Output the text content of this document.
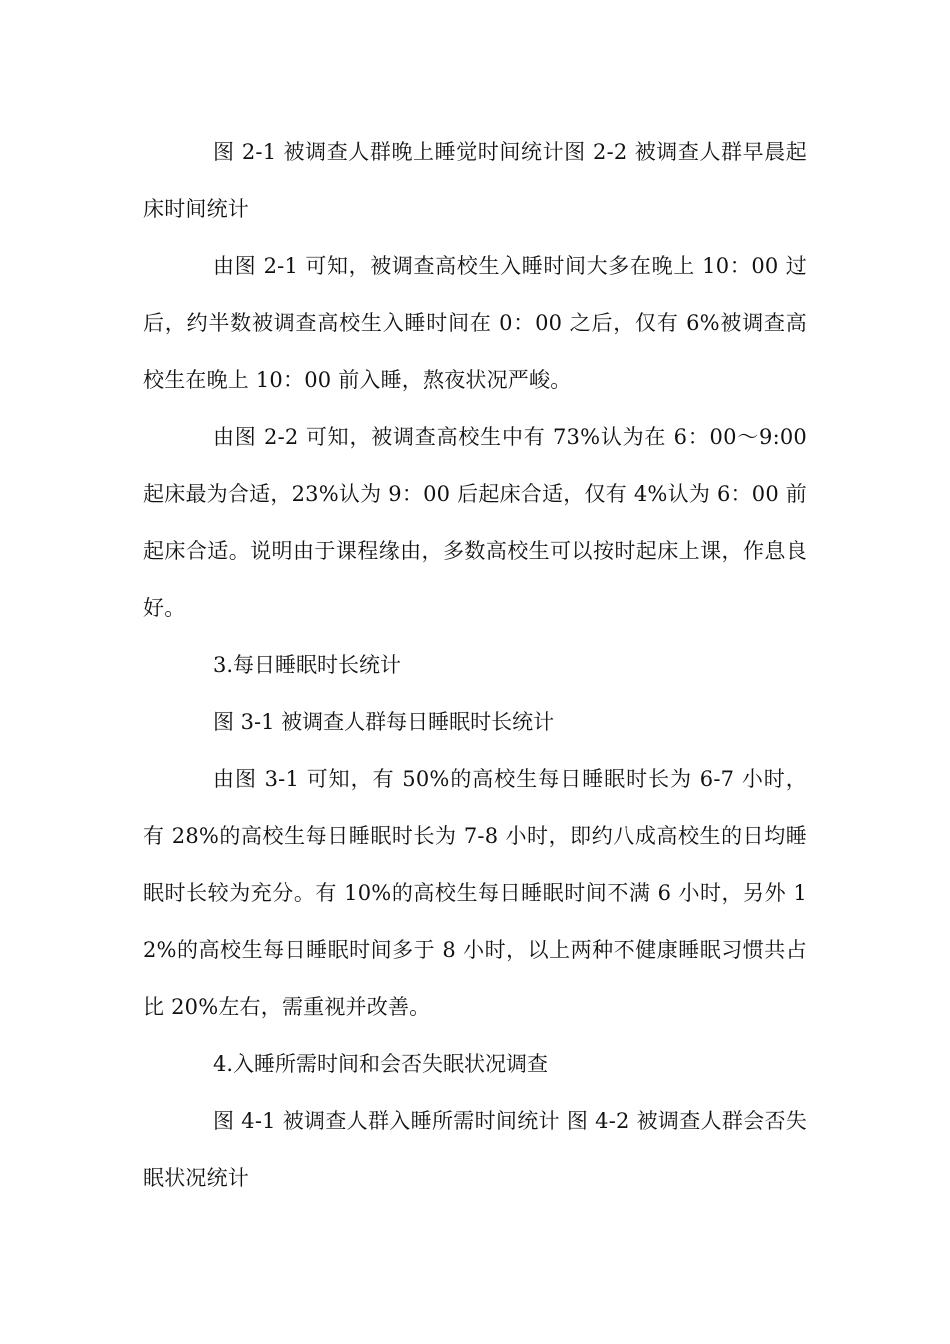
图 2-1 被调查人群晚上睡觉时间统计图 2-2 被调查人群早晨起床时间统计

由图 2-1 可知，被调查高校生入睡时间大多在晚上 10：00 过后，约半数被调查高校生入睡时间在 0：00 之后，仅有 6%被调查高校生在晚上 10：00 前入睡，熬夜状况严峻。

由图 2-2 可知，被调查高校生中有 73%认为在 6：00～9:00 起床最为合适，23%认为 9：00 后起床合适，仅有 4%认为 6：00 前起床合适。说明由于课程缘由，多数高校生可以按时起床上课，作息良好。

3.每日睡眠时长统计

图 3-1 被调查人群每日睡眠时长统计

由图 3-1 可知，有 50%的高校生每日睡眠时长为 6-7 小时，有 28%的高校生每日睡眠时长为 7-8 小时，即约八成高校生的日均睡眠时长较为充分。有 10%的高校生每日睡眠时间不满 6 小时，另外 12%的高校生每日睡眠时间多于 8 小时，以上两种不健康睡眠习惯共占比 20%左右，需重视并改善。

4.入睡所需时间和会否失眠状况调查

图 4-1 被调查人群入睡所需时间统计 图 4-2 被调查人群会否失眠状况统计
